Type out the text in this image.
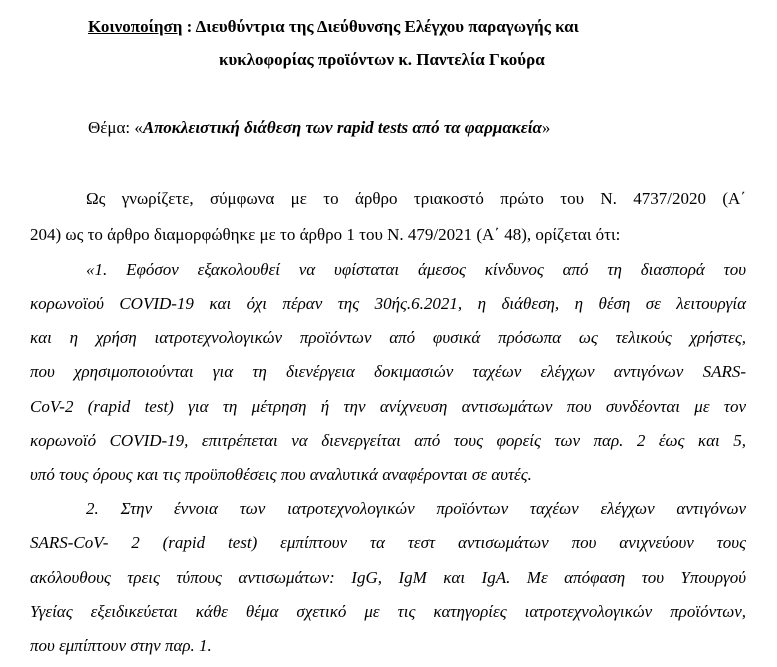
Κοινοποίηση : Διευθύντρια της Διεύθυνσης Ελέγχου παραγωγής και
κυκλοφορίας προϊόντων κ. Παντελία Γκούρα
Θέμα: «Αποκλειστική διάθεση των rapid tests από τα φαρμακεία»
Ως γνωρίζετε, σύμφωνα με το άρθρο τριακοστό πρώτο του Ν. 4737/2020 (Α΄
204) ως το άρθρο διαμορφώθηκε με το άρθρο 1 του Ν. 479/2021 (Α΄ 48), ορίζεται ότι:
«1. Εφόσον εξακολουθεί να υφίσταται άμεσος κίνδυνος από τη διασπορά του
κορωνοϊού COVID-19 και όχι πέραν της 30ής.6.2021, η διάθεση, η θέση σε λειτουργία
και η χρήση ιατροτεχνολογικών προϊόντων από φυσικά πρόσωπα ως τελικούς χρήστες,
που χρησιμοποιούνται για τη διενέργεια δοκιμασιών ταχέων ελέγχων αντιγόνων SARS-
CoV-2 (rapid test) για τη μέτρηση ή την ανίχνευση αντισωμάτων που συνδέονται με τον
κορωνοϊό COVID-19, επιτρέπεται να διενεργείται από τους φορείς των παρ. 2 έως και 5,
υπό τους όρους και τις προϋποθέσεις που αναλυτικά αναφέρονται σε αυτές.
2. Στην έννοια των ιατροτεχνολογικών προϊόντων ταχέων ελέγχων αντιγόνων
SARS-CoV- 2 (rapid test) εμπίπτουν τα τεστ αντισωμάτων που ανιχνεύουν τους
ακόλουθους τρεις τύπους αντισωμάτων: IgG, IgM και IgA. Με απόφαση του Υπουργού
Υγείας εξειδικεύεται κάθε θέμα σχετικό με τις κατηγορίες ιατροτεχνολογικών προϊόντων,
που εμπίπτουν στην παρ. 1.
